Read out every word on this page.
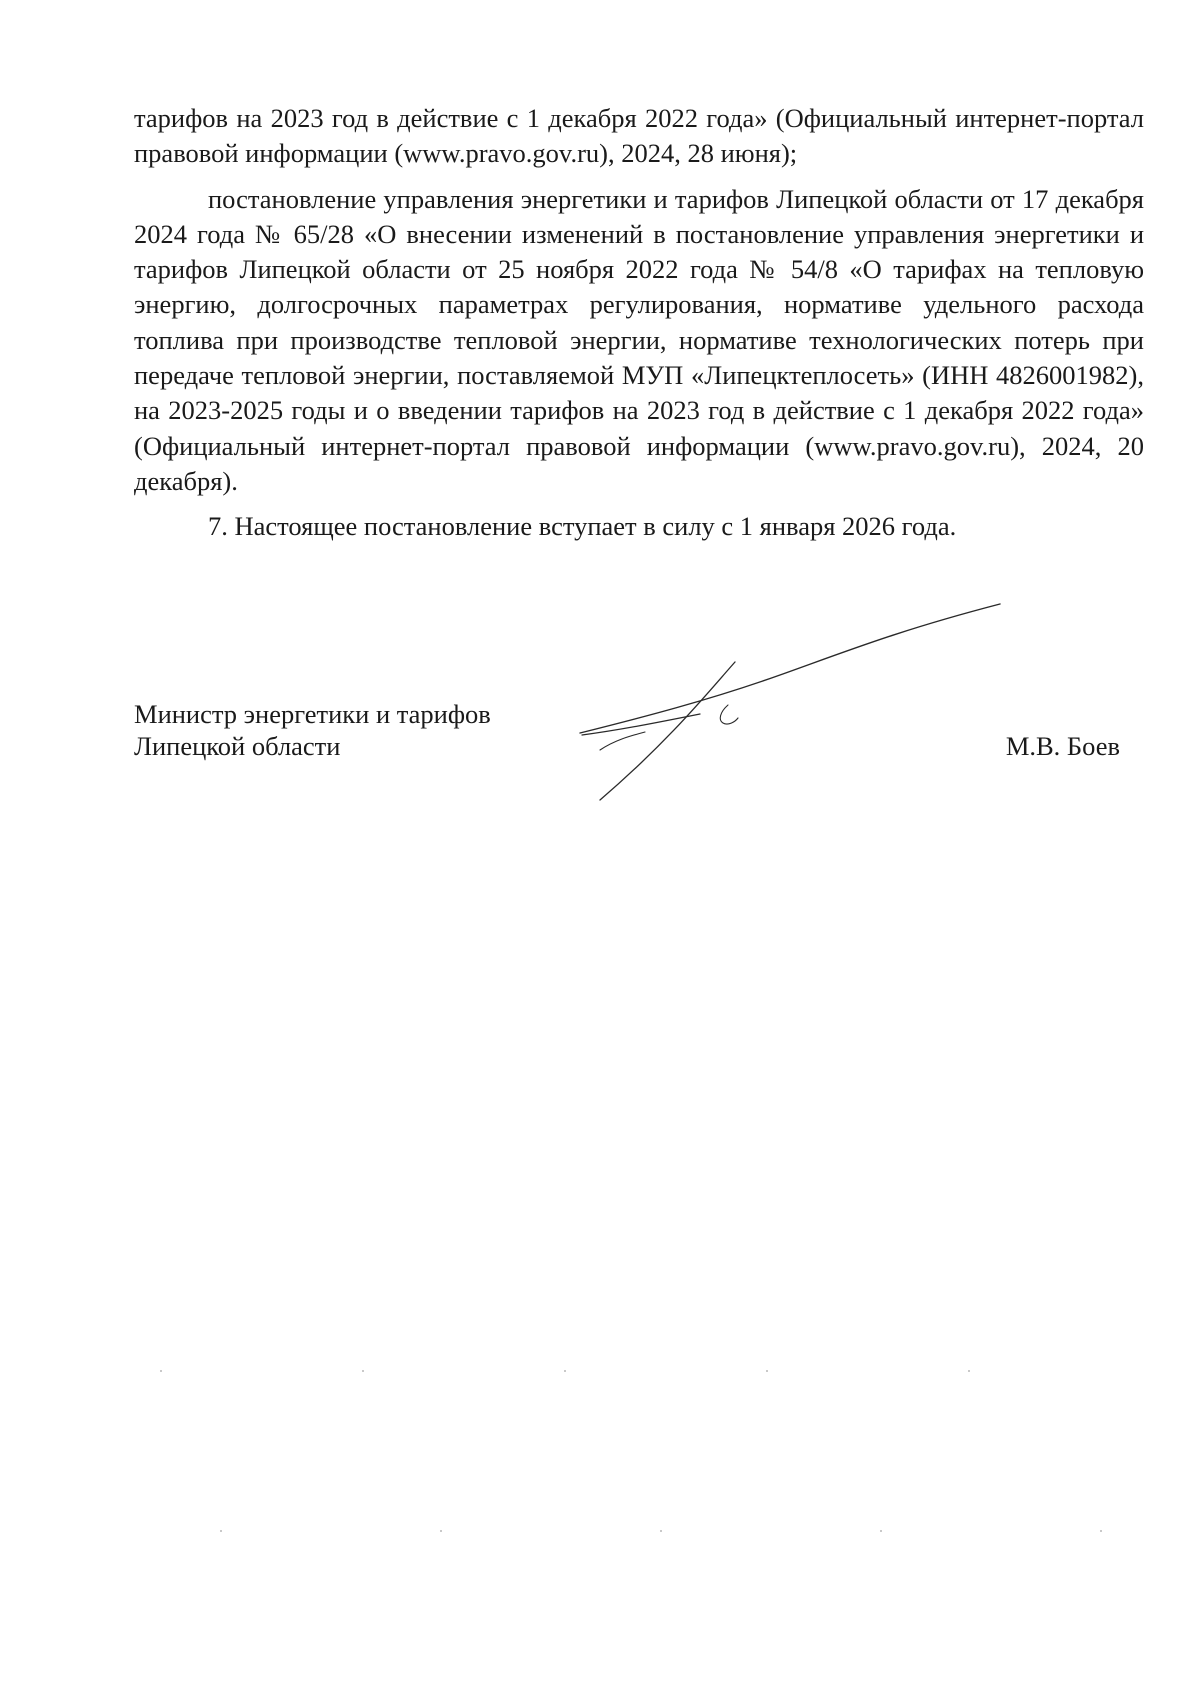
тарифов на 2023 год в действие с 1 декабря 2022 года» (Официальный интернет-портал правовой информации (www.pravo.gov.ru), 2024, 28 июня);

постановление управления энергетики и тарифов Липецкой области от 17 декабря 2024 года № 65/28 «О внесении изменений в постановление управления энергетики и тарифов Липецкой области от 25 ноября 2022 года № 54/8 «О тарифах на тепловую энергию, долгосрочных параметрах регулирования, нормативе удельного расхода топлива при производстве тепловой энергии, нормативе технологических потерь при передаче тепловой энергии, поставляемой МУП «Липецктеплосеть» (ИНН 4826001982), на 2023-2025 годы и о введении тарифов на 2023 год в действие с 1 декабря 2022 года» (Официальный интернет-портал правовой информации (www.pravo.gov.ru), 2024, 20 декабря).

7. Настоящее постановление вступает в силу с 1 января 2026 года.

Министр энергетики и тарифов
Липецкой области	М.В. Боев
